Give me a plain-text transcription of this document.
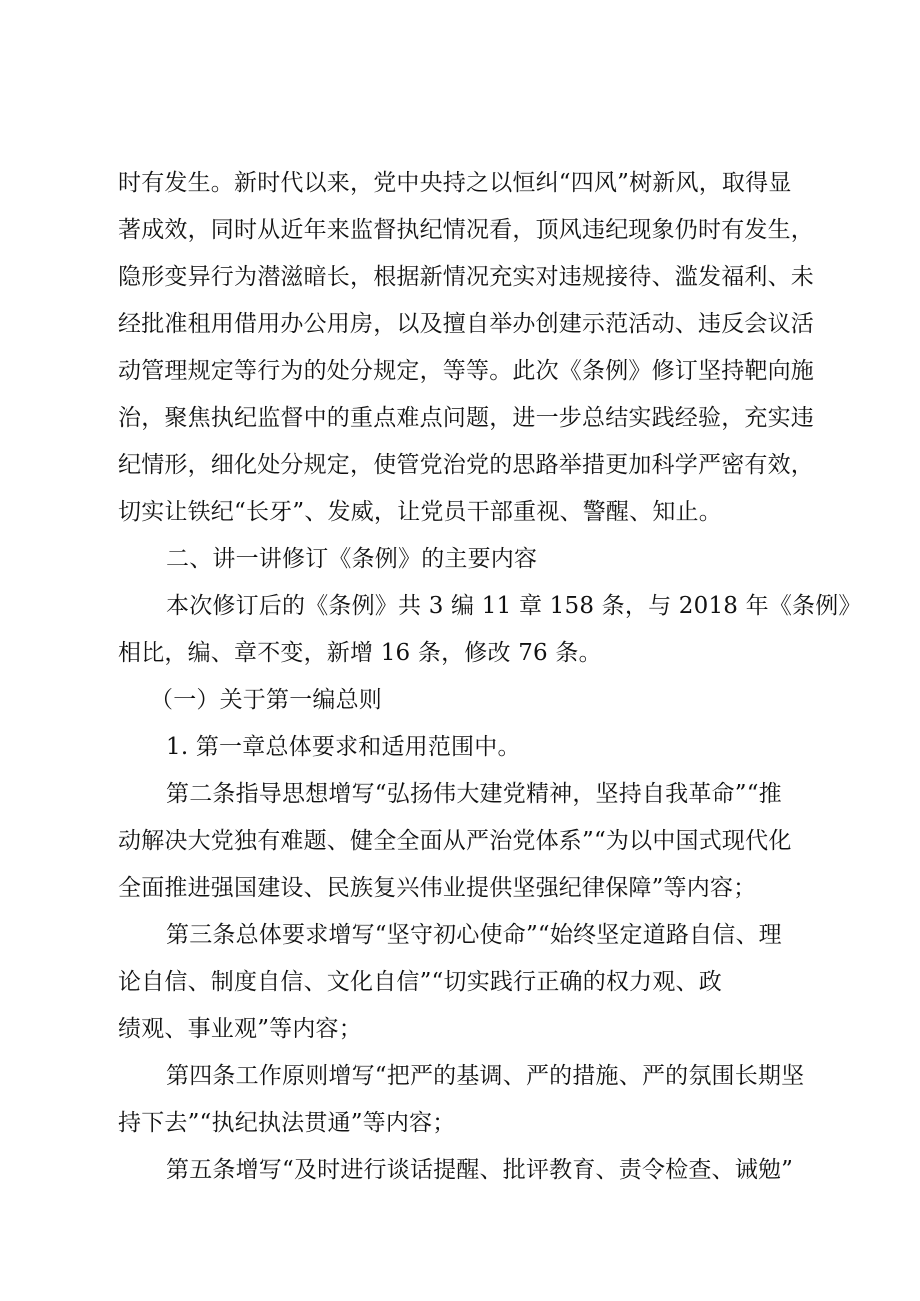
时有发生。新时代以来，党中央持之以恒纠“四风”树新风，取得显
著成效，同时从近年来监督执纪情况看，顶风违纪现象仍时有发生，
隐形变异行为潜滋暗长，根据新情况充实对违规接待、滥发福利、未
经批准租用借用办公用房，以及擅自举办创建示范活动、违反会议活
动管理规定等行为的处分规定，等等。此次《条例》修订坚持靶向施
治，聚焦执纪监督中的重点难点问题，进一步总结实践经验，充实违
纪情形，细化处分规定，使管党治党的思路举措更加科学严密有效，
切实让铁纪“长牙”、发威，让党员干部重视、警醒、知止。
二、讲一讲修订《条例》的主要内容
本次修订后的《条例》共 3 编 11 章 158 条，与 2018 年《条例》
相比，编、章不变，新增 16 条，修改 76 条。
（一）关于第一编总则
1. 第一章总体要求和适用范围中。
第二条指导思想增写“弘扬伟大建党精神，坚持自我革命”“推
动解决大党独有难题、健全全面从严治党体系”“为以中国式现代化
全面推进强国建设、民族复兴伟业提供坚强纪律保障”等内容；
第三条总体要求增写“坚守初心使命”“始终坚定道路自信、理
论自信、制度自信、文化自信”“切实践行正确的权力观、政
绩观、事业观”等内容；
第四条工作原则增写“把严的基调、严的措施、严的氛围长期坚
持下去”“执纪执法贯通”等内容；
第五条增写“及时进行谈话提醒、批评教育、责令检查、诫勉”
